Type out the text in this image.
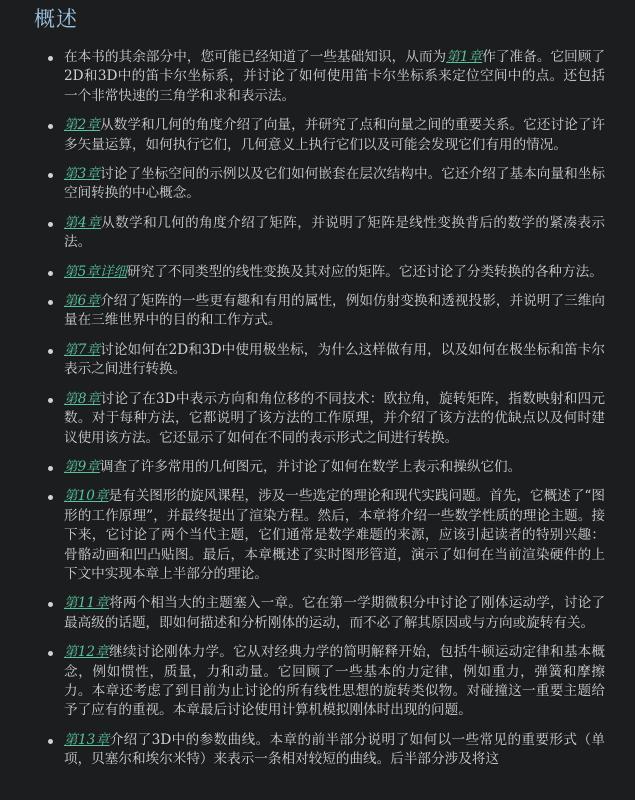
概述
在本书的其余部分中，您可能已经知道了一些基础知识，从而为第1章作了准备。它回顾了2D和3D中的笛卡尔坐标系，并讨论了如何使用笛卡尔坐标系来定位空间中的点。还包括一个非常快速的三角学和求和表示法。
第2章从数学和几何的角度介绍了向量，并研究了点和向量之间的重要关系。它还讨论了许多矢量运算，如何执行它们，几何意义上执行它们以及可能会发现它们有用的情况。
第3章讨论了坐标空间的示例以及它们如何嵌套在层次结构中。它还介绍了基本向量和坐标空间转换的中心概念。
第4章从数学和几何的角度介绍了矩阵，并说明了矩阵是线性变换背后的数学的紧凑表示法。
第5章详细研究了不同类型的线性变换及其对应的矩阵。它还讨论了分类转换的各种方法。
第6章介绍了矩阵的一些更有趣和有用的属性，例如仿射变换和透视投影，并说明了三维向量在三维世界中的目的和工作方式。
第7章讨论如何在2D和3D中使用极坐标，为什么这样做有用，以及如何在极坐标和笛卡尔表示之间进行转换。
第8章讨论了在3D中表示方向和角位移的不同技术：欧拉角，旋转矩阵，指数映射和四元数。对于每种方法，它都说明了该方法的工作原理，并介绍了该方法的优缺点以及何时建议使用该方法。它还显示了如何在不同的表示形式之间进行转换。
第9章调查了许多常用的几何图元，并讨论了如何在数学上表示和操纵它们。
第10章是有关图形的旋风课程，涉及一些选定的理论和现代实践问题。首先，它概述了“图形的工作原理”，并最终提出了渲染方程。然后，本章将介绍一些数学性质的理论主题。接下来，它讨论了两个当代主题，它们通常是数学难题的来源，应该引起读者的特别兴趣：骨骼动画和凹凸贴图。最后，本章概述了实时图形管道，演示了如何在当前渲染硬件的上下文中实现本章上半部分的理论。
第11章将两个相当大的主题塞入一章。它在第一学期微积分中讨论了刚体运动学，讨论了最高级的话题，即如何描述和分析刚体的运动，而不必了解其原因或与方向或旋转有关。
第12章继续讨论刚体力学。它从对经典力学的简明解释开始，包括牛顿运动定律和基本概念，例如惯性，质量，力和动量。它回顾了一些基本的力定律，例如重力，弹簧和摩擦力。本章还考虑了到目前为止讨论的所有线性思想的旋转类似物。对碰撞这一重要主题给予了应有的重视。本章最后讨论使用计算机模拟刚体时出现的问题。
第13章介绍了3D中的参数曲线。本章的前半部分说明了如何以一些常见的重要形式（单项，贝塞尔和埃尔米特）来表示一条相对较短的曲线。后半部分涉及将这
